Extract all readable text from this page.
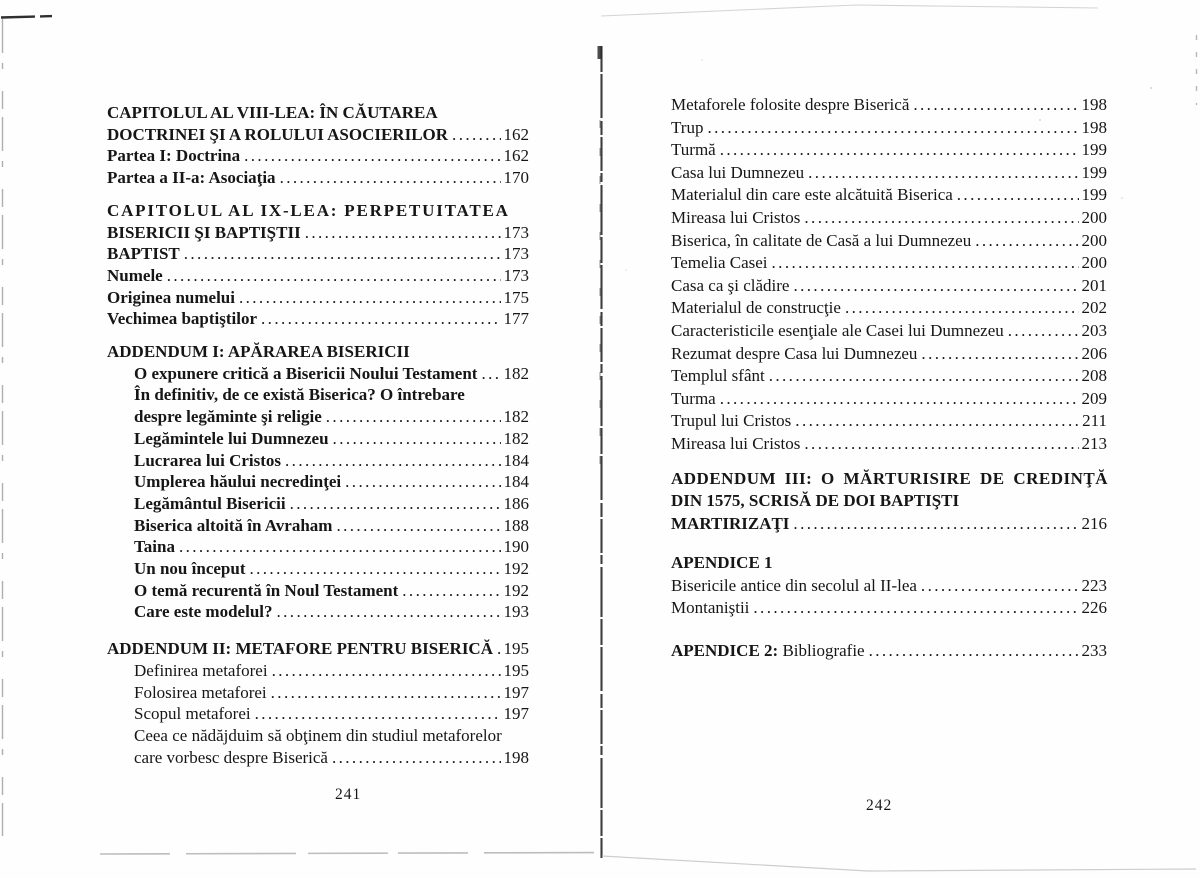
CAPITOLUL AL VIII-LEA: ÎN CĂUTAREA
DOCTRINEI ŞI A ROLULUI ASOCIERILOR .....	162
Partea I: Doctrina .....	162
Partea a II-a: Asociaţia .....	170
CAPITOLUL AL IX-LEA: PERPETUITATEA
BISERICII ŞI BAPTIŞTII .....	173
BAPTIST .....	173
Numele .....	173
Originea numelui .....	175
Vechimea baptiştilor .....	177
ADDENDUM I: APĂRAREA BISERICII
O expunere critică a Bisericii Noului Testament ..... 182
În definitiv, de ce există Biserica? O întrebare
despre legăminte şi religie .....	182
Legămintele lui Dumnezeu .....	182
Lucrarea lui Cristos .....	184
Umplerea hăului necredinţei .....	184
Legământul Bisericii .....	186
Biserica altoită în Avraham .....	188
Taina .....	190
Un nou început .....	192
O temă recurentă în Noul Testament .....	192
Care este modelul? .....	193
ADDENDUM II: METAFORE PENTRU BISERICĂ ..... 195
Definirea metaforei .....	195
Folosirea metaforei .....	197
Scopul metaforei .....	197
Ceea ce nădăjduim să obţinem din studiul metaforelor
care vorbesc despre Biserică .....	198
241
Metaforele folosite despre Biserică .....	198
Trup .....	198
Turmă .....	199
Casa lui Dumnezeu .....	199
Materialul din care este alcătuită Biserica .....	199
Mireasa lui Cristos .....	200
Biserica, în calitate de Casă a lui Dumnezeu .....	200
Temelia Casei .....	200
Casa ca şi clădire .....	201
Materialul de construcţie .....	202
Caracteristicile esenţiale ale Casei lui Dumnezeu .....	203
Rezumat despre Casa lui Dumnezeu .....	206
Templul sfânt .....	208
Turma .....	209
Trupul lui Cristos .....	211
Mireasa lui Cristos .....	213
ADDENDUM III: O MĂRTURISIRE DE CREDINŢĂ
DIN 1575, SCRISĂ DE DOI BAPTIŞTI
MARTIRIZAŢI .....	216
APENDICE 1
Bisericile antice din secolul al II-lea .....	223
Montaniştii .....	226
APENDICE 2: Bibliografie .....	233
242
